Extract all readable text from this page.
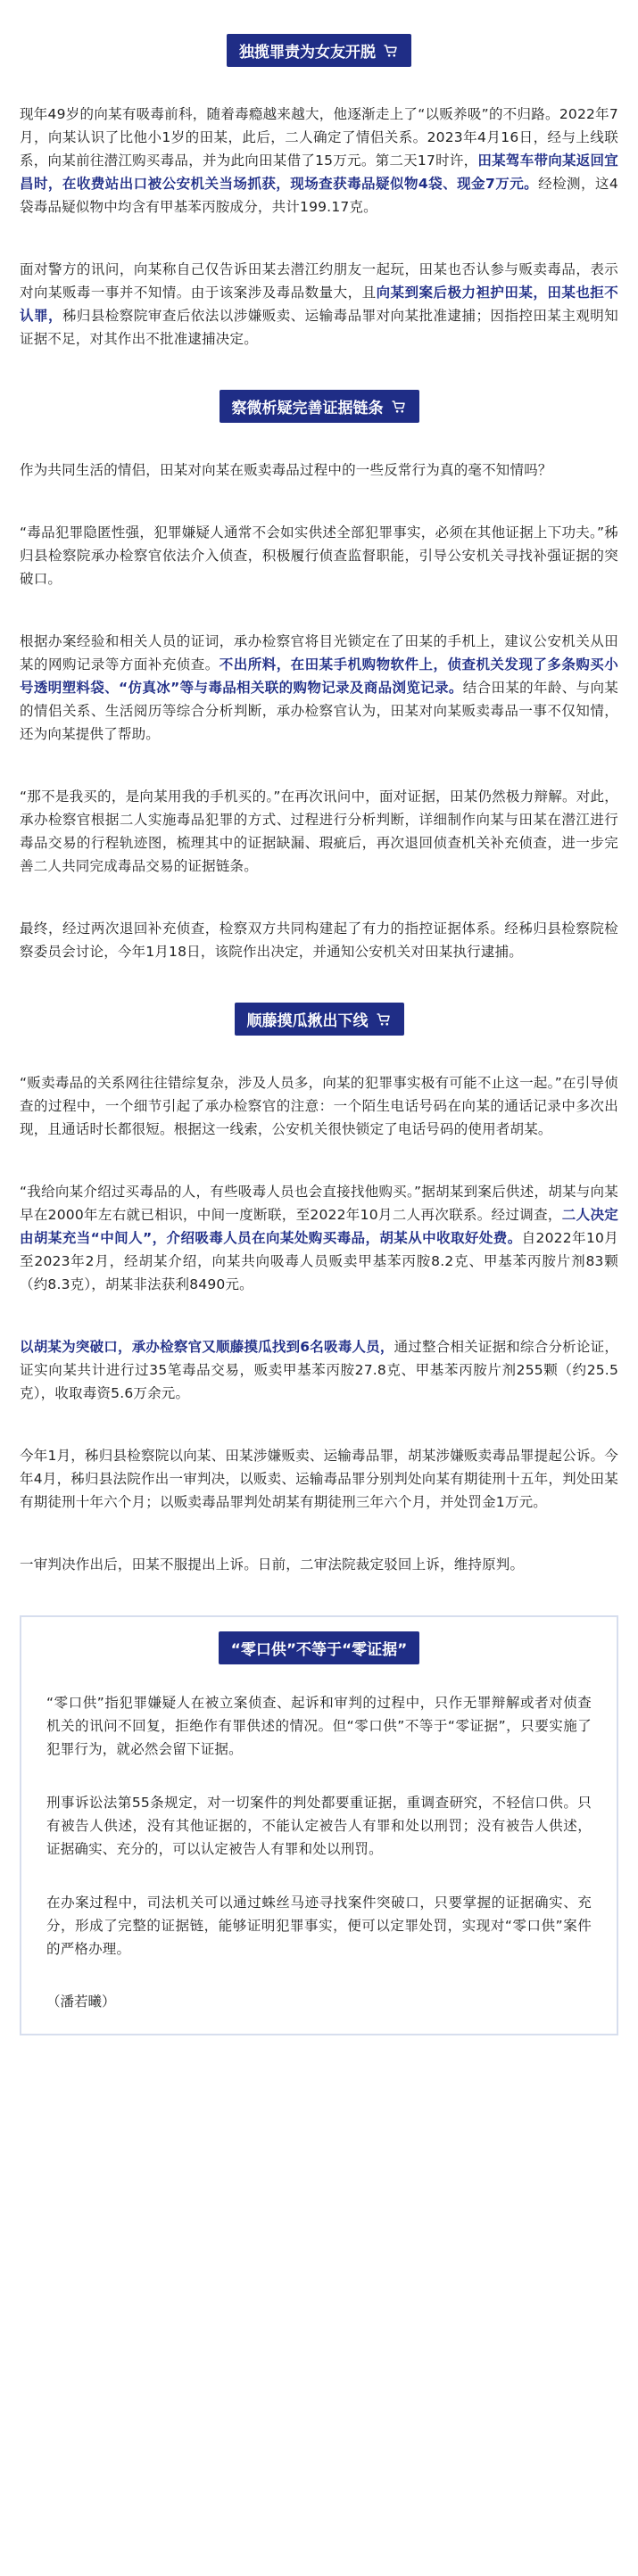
独揽罪责为女友开脱

现年49岁的向某有吸毒前科，随着毒瘾越来越大，他逐渐走上了“以贩养吸”的不归路。2022年7月，向某认识了比他小1岁的田某，此后，二人确定了情侣关系。2023年4月16日，经与上线联系，向某前往潜江购买毒品，并为此向田某借了15万元。第二天17时许，田某驾车带向某返回宜昌时，在收费站出口被公安机关当场抓获，现场查获毒品疑似物4袋、现金7万元。经检测，这4袋毒品疑似物中均含有甲基苯丙胺成分，共计199.17克。

面对警方的讯问，向某称自己仅告诉田某去潜江约朋友一起玩，田某也否认参与贩卖毒品，表示对向某贩毒一事并不知情。由于该案涉及毒品数量大，且向某到案后极力袒护田某，田某也拒不认罪，秭归县检察院审查后依法以涉嫌贩卖、运输毒品罪对向某批准逮捕；因指控田某主观明知证据不足，对其作出不批准逮捕决定。

察微析疑完善证据链条

作为共同生活的情侣，田某对向某在贩卖毒品过程中的一些反常行为真的毫不知情吗？

“毒品犯罪隐匿性强，犯罪嫌疑人通常不会如实供述全部犯罪事实，必须在其他证据上下功夫。”秭归县检察院承办检察官依法介入侦查，积极履行侦查监督职能，引导公安机关寻找补强证据的突破口。

根据办案经验和相关人员的证词，承办检察官将目光锁定在了田某的手机上，建议公安机关从田某的网购记录等方面补充侦查。不出所料，在田某手机购物软件上，侦查机关发现了多条购买小号透明塑料袋、“仿真冰”等与毒品相关联的购物记录及商品浏览记录。结合田某的年龄、与向某的情侣关系、生活阅历等综合分析判断，承办检察官认为，田某对向某贩卖毒品一事不仅知情，还为向某提供了帮助。

“那不是我买的，是向某用我的手机买的。”在再次讯问中，面对证据，田某仍然极力辩解。对此，承办检察官根据二人实施毒品犯罪的方式、过程进行分析判断，详细制作向某与田某在潜江进行毒品交易的行程轨迹图，梳理其中的证据缺漏、瑕疵后，再次退回侦查机关补充侦查，进一步完善二人共同完成毒品交易的证据链条。

最终，经过两次退回补充侦查，检察双方共同构建起了有力的指控证据体系。经秭归县检察院检察委员会讨论，今年1月18日，该院作出决定，并通知公安机关对田某执行逮捕。

顺藤摸瓜揪出下线

“贩卖毒品的关系网往往错综复杂，涉及人员多，向某的犯罪事实极有可能不止这一起。”在引导侦查的过程中，一个细节引起了承办检察官的注意：一个陌生电话号码在向某的通话记录中多次出现，且通话时长都很短。根据这一线索，公安机关很快锁定了电话号码的使用者胡某。

“我给向某介绍过买毒品的人，有些吸毒人员也会直接找他购买。”据胡某到案后供述，胡某与向某早在2000年左右就已相识，中间一度断联，至2022年10月二人再次联系。经过调查，二人决定由胡某充当“中间人”，介绍吸毒人员在向某处购买毒品，胡某从中收取好处费。自2022年10月至2023年2月，经胡某介绍，向某共向吸毒人员贩卖甲基苯丙胺8.2克、甲基苯丙胺片剂83颗（约8.3克），胡某非法获利8490元。

以胡某为突破口，承办检察官又顺藤摸瓜找到6名吸毒人员，通过整合相关证据和综合分析论证，证实向某共计进行过35笔毒品交易，贩卖甲基苯丙胺27.8克、甲基苯丙胺片剂255颗（约25.5克），收取毒资5.6万余元。

今年1月，秭归县检察院以向某、田某涉嫌贩卖、运输毒品罪，胡某涉嫌贩卖毒品罪提起公诉。今年4月，秭归县法院作出一审判决，以贩卖、运输毒品罪分别判处向某有期徒刑十五年，判处田某有期徒刑十年六个月；以贩卖毒品罪判处胡某有期徒刑三年六个月，并处罚金1万元。

一审判决作出后，田某不服提出上诉。日前，二审法院裁定驳回上诉，维持原判。

“零口供”不等于“零证据”

“零口供”指犯罪嫌疑人在被立案侦查、起诉和审判的过程中，只作无罪辩解或者对侦查机关的讯问不回复，拒绝作有罪供述的情况。但“零口供”不等于“零证据”，只要实施了犯罪行为，就必然会留下证据。

刑事诉讼法第55条规定，对一切案件的判处都要重证据，重调查研究，不轻信口供。只有被告人供述，没有其他证据的，不能认定被告人有罪和处以刑罚；没有被告人供述，证据确实、充分的，可以认定被告人有罪和处以刑罚。

在办案过程中，司法机关可以通过蛛丝马迹寻找案件突破口，只要掌握的证据确实、充分，形成了完整的证据链，能够证明犯罪事实，便可以定罪处罚，实现对“零口供”案件的严格办理。

（潘若曦）
